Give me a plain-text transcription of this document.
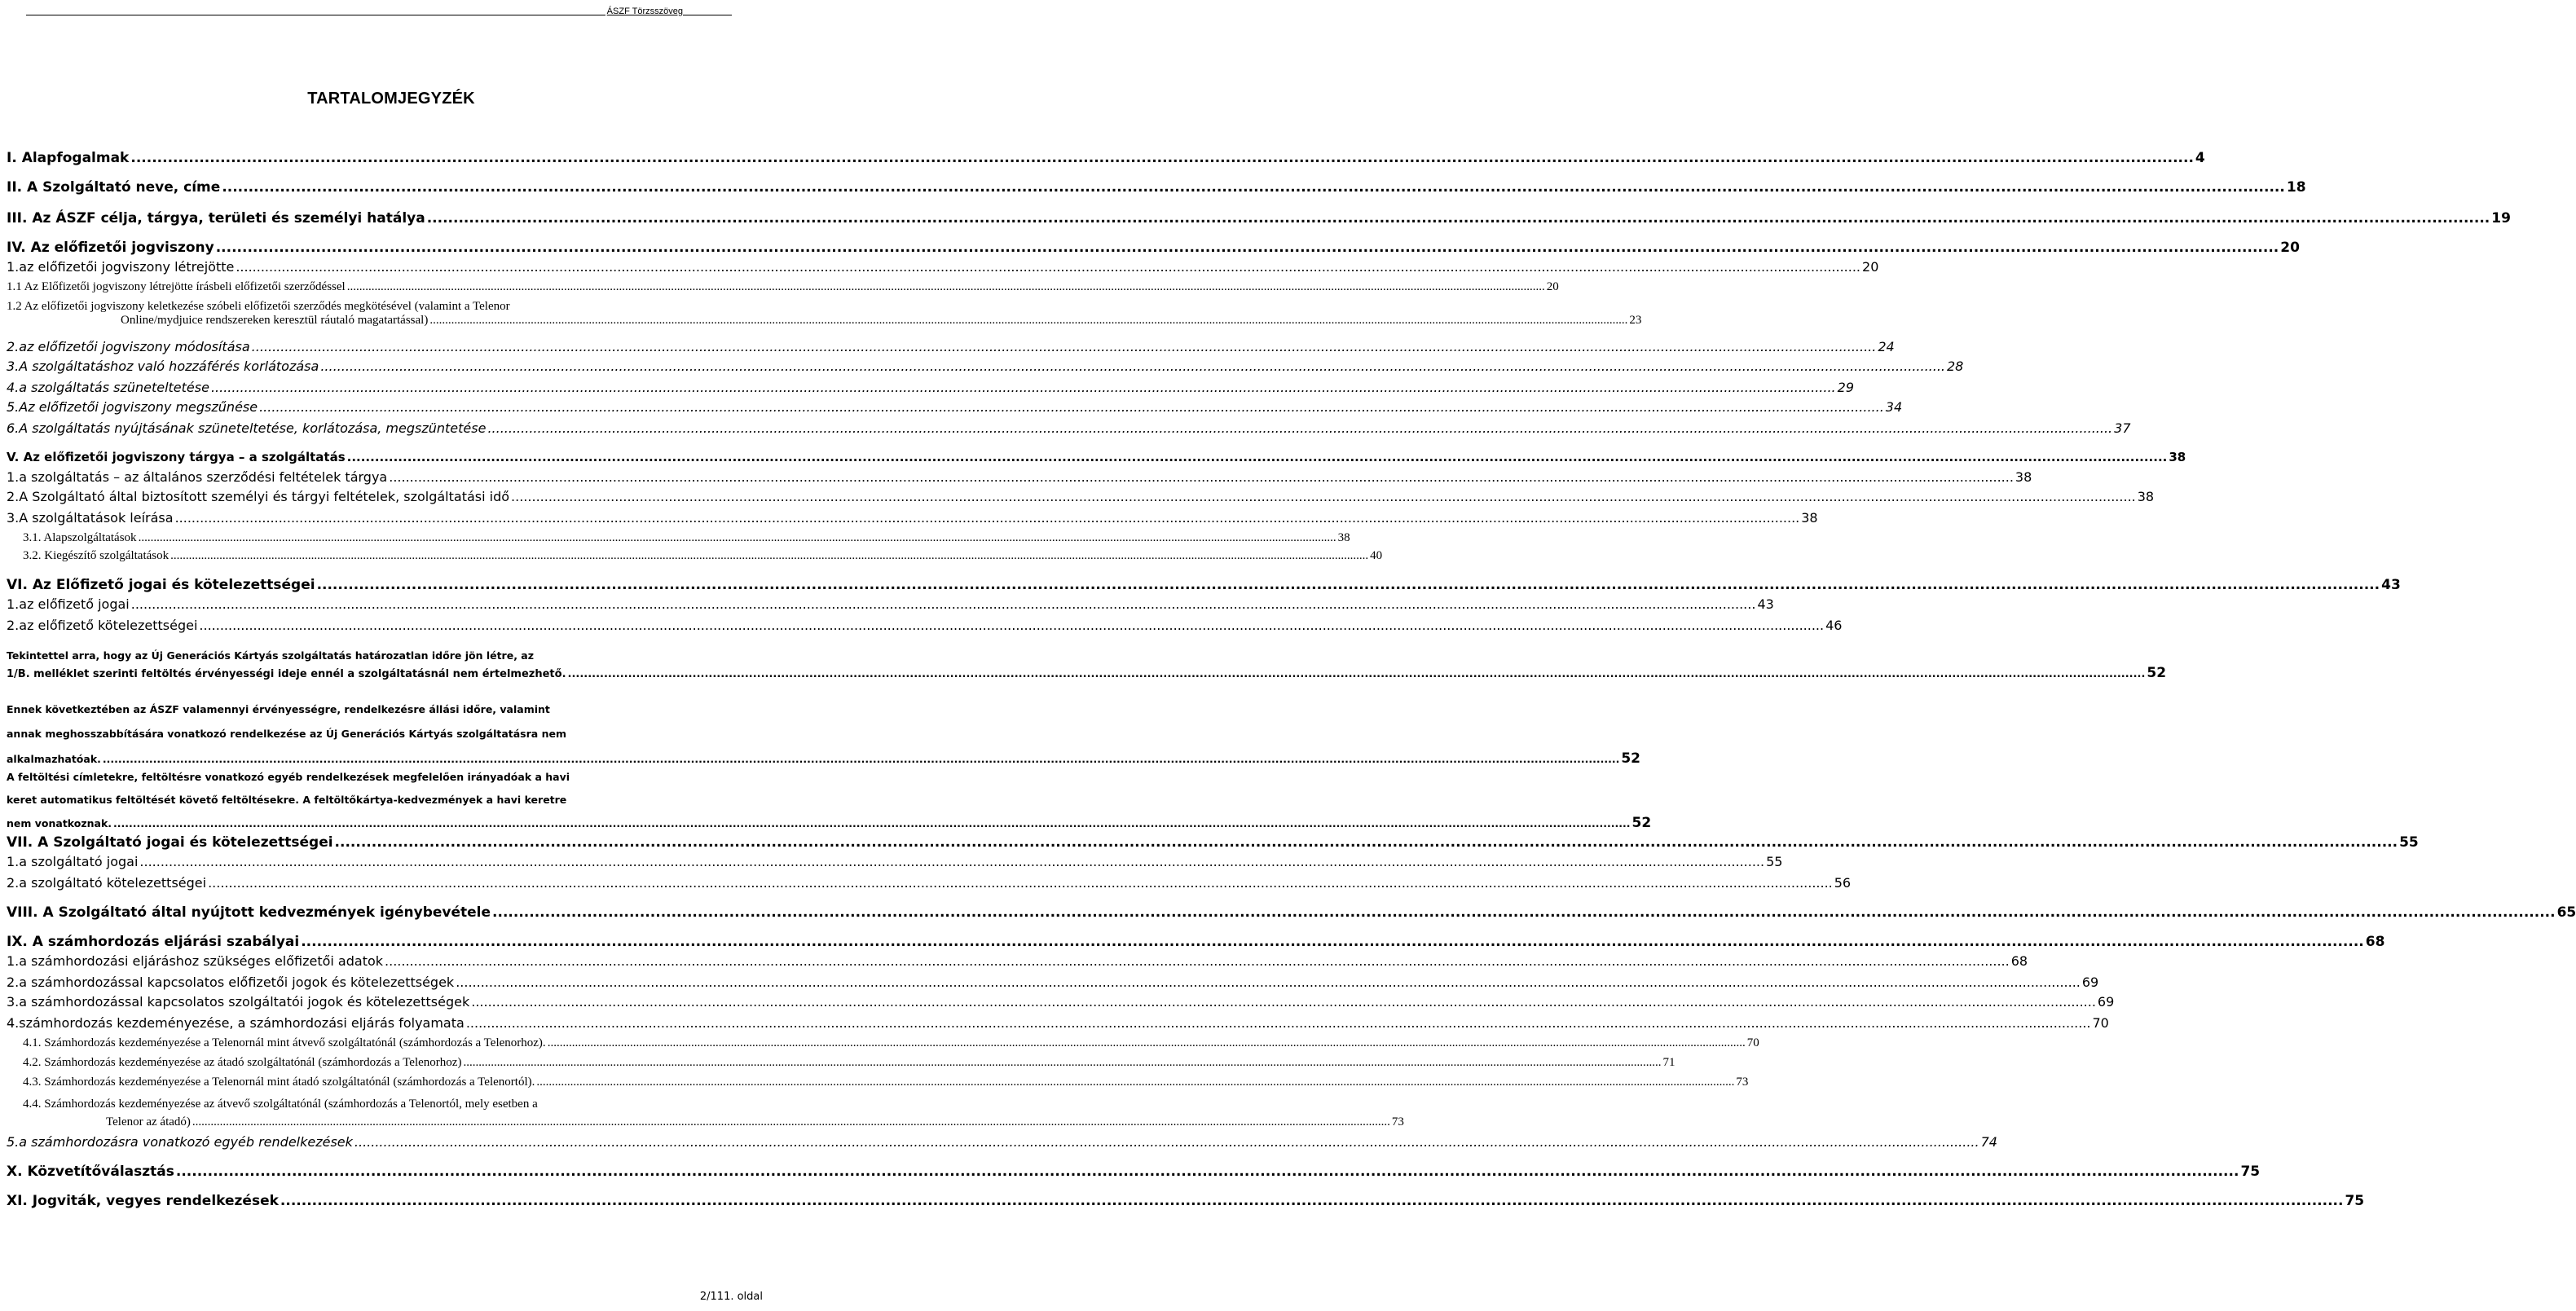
ÁSZF Törzsszöveg
TARTALOMJEGYZÉK
I. Alapfogalmak .....	4
II. A Szolgáltató neve, címe .....	18
III. Az ÁSZF célja, tárgya, területi és személyi hatálya .....	19
IV. Az előfizetői jogviszony .....	20
1.az előfizetői jogviszony létrejötte .....	20
1.1 Az Előfizetői jogviszony létrejötte írásbeli előfizetői szerződéssel .....	20
1.2 Az előfizetői jogviszony keletkezése szóbeli előfizetői szerződés megkötésével (valamint a Telenor
Online/mydjuice rendszereken keresztül ráutaló magatartással) .....	23
2.az előfizetői jogviszony módosítása .....	24
3.A szolgáltatáshoz való hozzáférés korlátozása .....	28
4.a szolgáltatás szüneteltetése .....	29
5.Az előfizetői jogviszony megszűnése .....	34
6.A szolgáltatás nyújtásának szüneteltetése, korlátozása, megszüntetése .....	37
V. Az előfizetői jogviszony tárgya – a szolgáltatás .....	38
1.a szolgáltatás – az általános szerződési feltételek tárgya .....	38
2.A Szolgáltató által biztosított személyi és tárgyi feltételek, szolgáltatási idő .....	38
3.A szolgáltatások leírása .....	38
3.1. Alapszolgáltatások .....	38
3.2. Kiegészítő szolgáltatások .....	40
VI. Az Előfizető jogai és kötelezettségei .....	43
1.az előfizető jogai .....	43
2.az előfizető kötelezettségei .....	46
Tekintettel arra, hogy az Új Generációs Kártyás szolgáltatás határozatlan időre jön létre, az
1/B. melléklet szerinti feltöltés érvényességi ideje ennél a szolgáltatásnál nem értelmezhető. .....	52
Ennek következtében az ÁSZF valamennyi érvényességre, rendelkezésre állási időre, valamint
annak meghosszabbítására vonatkozó rendelkezése az Új Generációs Kártyás szolgáltatásra nem
alkalmazhatóak. .....	52
A feltöltési címletekre, feltöltésre vonatkozó egyéb rendelkezések megfelelően irányadóak a havi
keret automatikus feltöltését követő feltöltésekre. A feltöltőkártya-kedvezmények a havi keretre
nem vonatkoznak. .....	52
VII. A Szolgáltató jogai és kötelezettségei .....	55
1.a szolgáltató jogai .....	55
2.a szolgáltató kötelezettségei .....	56
VIII. A Szolgáltató által nyújtott kedvezmények igénybevétele .....	65
IX. A számhordozás eljárási szabályai .....	68
1.a számhordozási eljáráshoz szükséges előfizetői adatok .....	68
2.a számhordozással kapcsolatos előfizetői jogok és kötelezettségek .....	69
3.a számhordozással kapcsolatos szolgáltatói jogok és kötelezettségek .....	69
4.számhordozás kezdeményezése, a számhordozási eljárás folyamata .....	70
4.1. Számhordozás kezdeményezése a Telenornál mint átvevő szolgáltatónál (számhordozás a Telenorhoz). .....	70
4.2. Számhordozás kezdeményezése az átadó szolgáltatónál (számhordozás a Telenorhoz) .....	71
4.3. Számhordozás kezdeményezése a Telenornál mint átadó szolgáltatónál (számhordozás a Telenortól). .....	73
4.4. Számhordozás kezdeményezése az átvevő szolgáltatónál (számhordozás a Telenortól, mely esetben a
Telenor az átadó) .....	73
5.a számhordozásra vonatkozó egyéb rendelkezések .....	74
X. Közvetítőválasztás .....	75
XI. Jogviták, vegyes rendelkezések .....	75
2/111. oldal
